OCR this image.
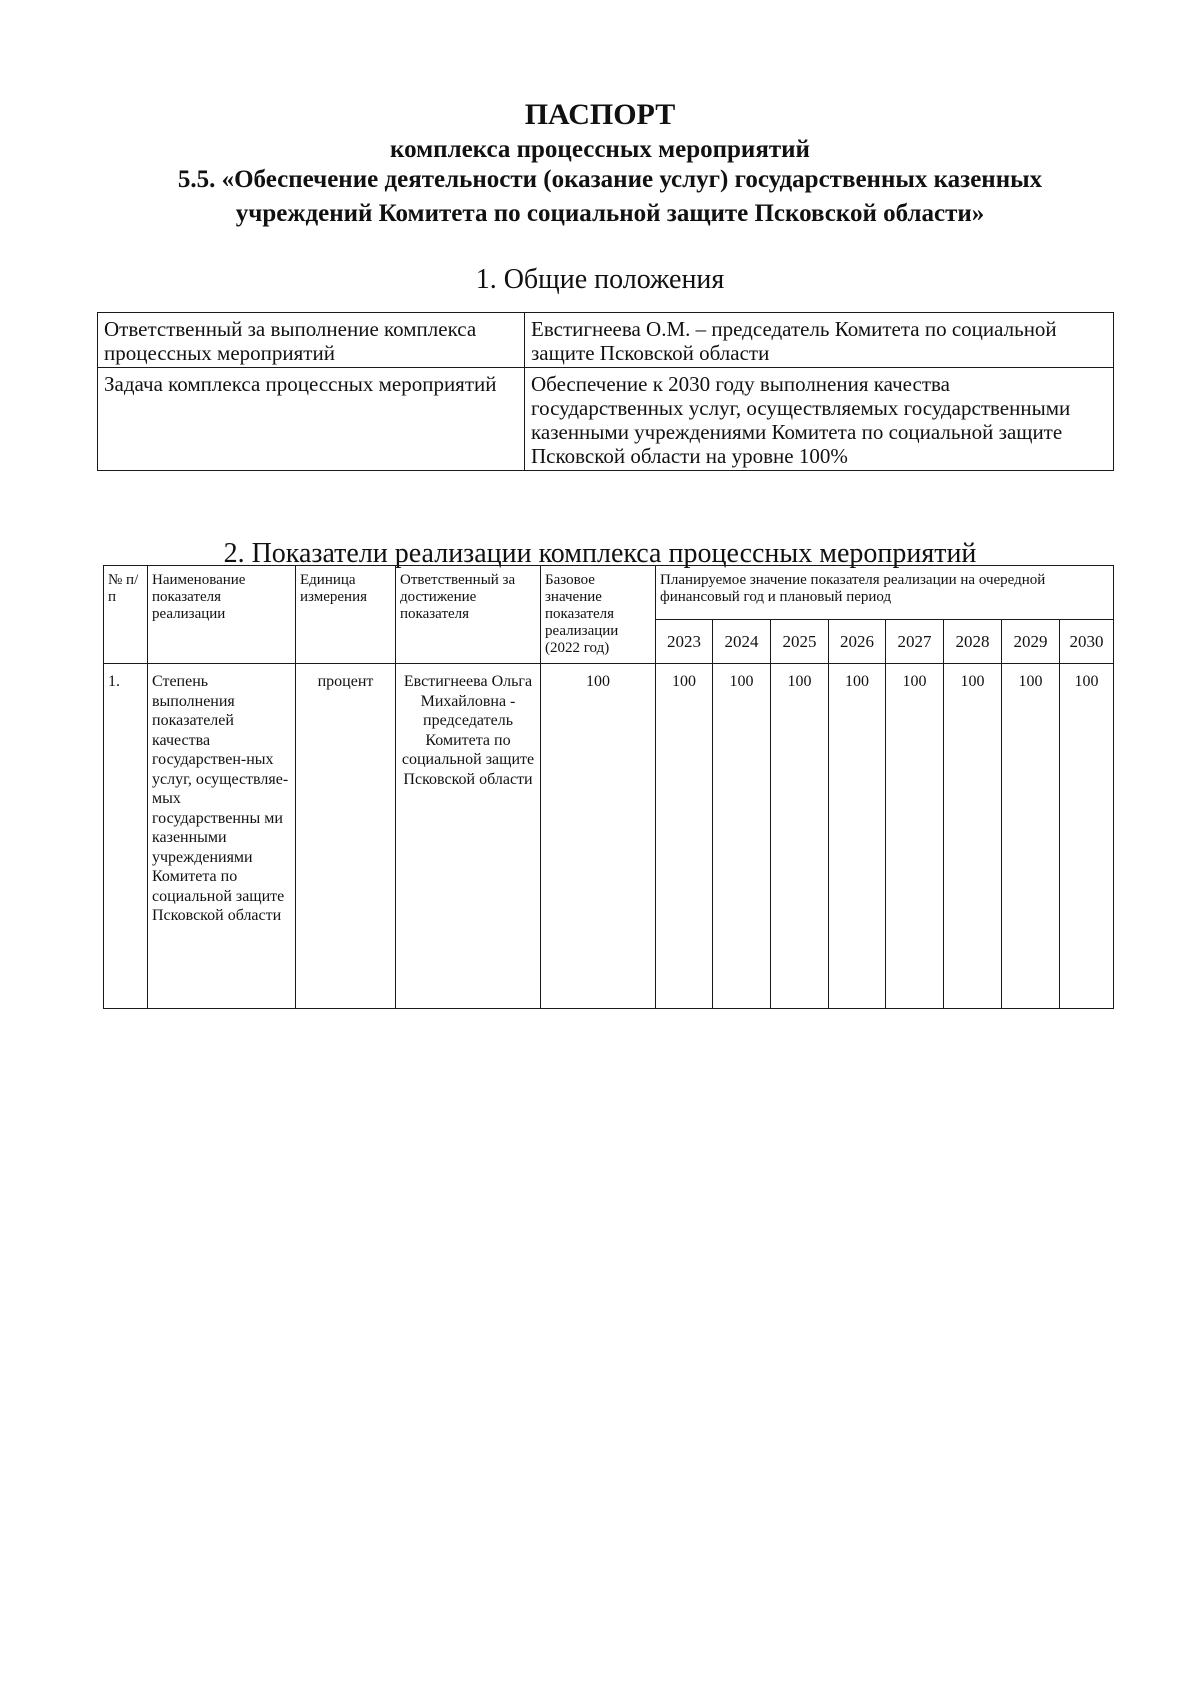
ПАСПОРТ
комплекса процессных мероприятий
5.5. «Обеспечение деятельности (оказание услуг) государственных казенных
учреждений Комитета по социальной защите Псковской области»
1. Общие положения
Ответственный за выполнение комплекса процессных мероприятий	Евстигнеева О.М. – председатель Комитета по социальной защите Псковской области
Задача комплекса процессных мероприятий	Обеспечение к 2030 году выполнения качества государственных услуг, осуществляемых государственными казенными учреждениями Комитета по социальной защите Псковской области на уровне 100%
2. Показатели реализации комплекса процессных мероприятий
№ п/п	Наименование показателя реализации	Единица измерения	Ответственный за достижение показателя	Базовое значение показателя реализации (2022 год)	Планируемое значение показателя реализации на очередной финансовый год и плановый период							
					2023	2024	2025	2026	2027	2028	2029	2030
1.	Степень выполнения показателей качества государствен-ных услуг, осуществляе-мых государственны ми казенными учреждениями Комитета по социальной защите Псковской области	процент	Евстигнеева Ольга Михайловна - председатель Комитета по социальной защите Псковской области	100	100	100	100	100	100	100	100	100
